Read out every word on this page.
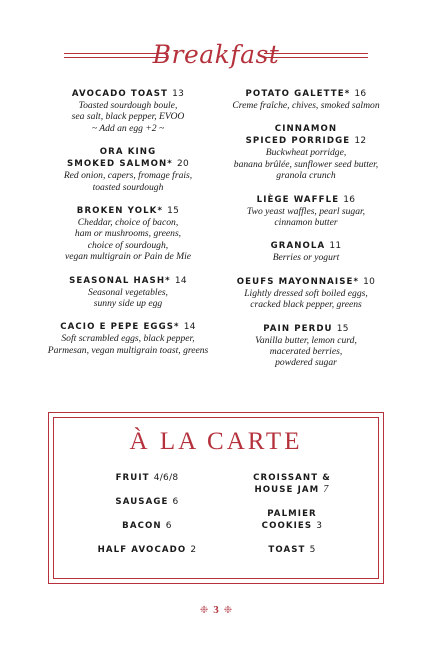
Breakfast
AVOCADO TOAST 13
Toasted sourdough boule,
sea salt, black pepper, EVOO
~ Add an egg +2 ~
ORA KING
SMOKED SALMON* 20
Red onion, capers, fromage frais,
toasted sourdough
BROKEN YOLK* 15
Cheddar, choice of bacon,
ham or mushrooms, greens,
choice of sourdough,
vegan multigrain or Pain de Mie
SEASONAL HASH* 14
Seasonal vegetables,
sunny side up egg
CACIO E PEPE EGGS* 14
Soft scrambled eggs, black pepper,
Parmesan, vegan multigrain toast, greens
POTATO GALETTE* 16
Creme fraîche, chives, smoked salmon
CINNAMON
SPICED PORRIDGE 12
Buckwheat porridge,
banana brûlée, sunflower seed butter,
granola crunch
LIÈGE WAFFLE 16
Two yeast waffles, pearl sugar,
cinnamon butter
GRANOLA 11
Berries or yogurt
OEUFS MAYONNAISE* 10
Lightly dressed soft boiled eggs,
cracked black pepper, greens
PAIN PERDU 15
Vanilla butter, lemon curd,
macerated berries,
powdered sugar
À LA CARTE
FRUIT 4/6/8
SAUSAGE 6
BACON 6
HALF AVOCADO 2
CROISSANT &
HOUSE JAM 7
PALMIER
COOKIES 3
TOAST 5
❉ 3 ❉
